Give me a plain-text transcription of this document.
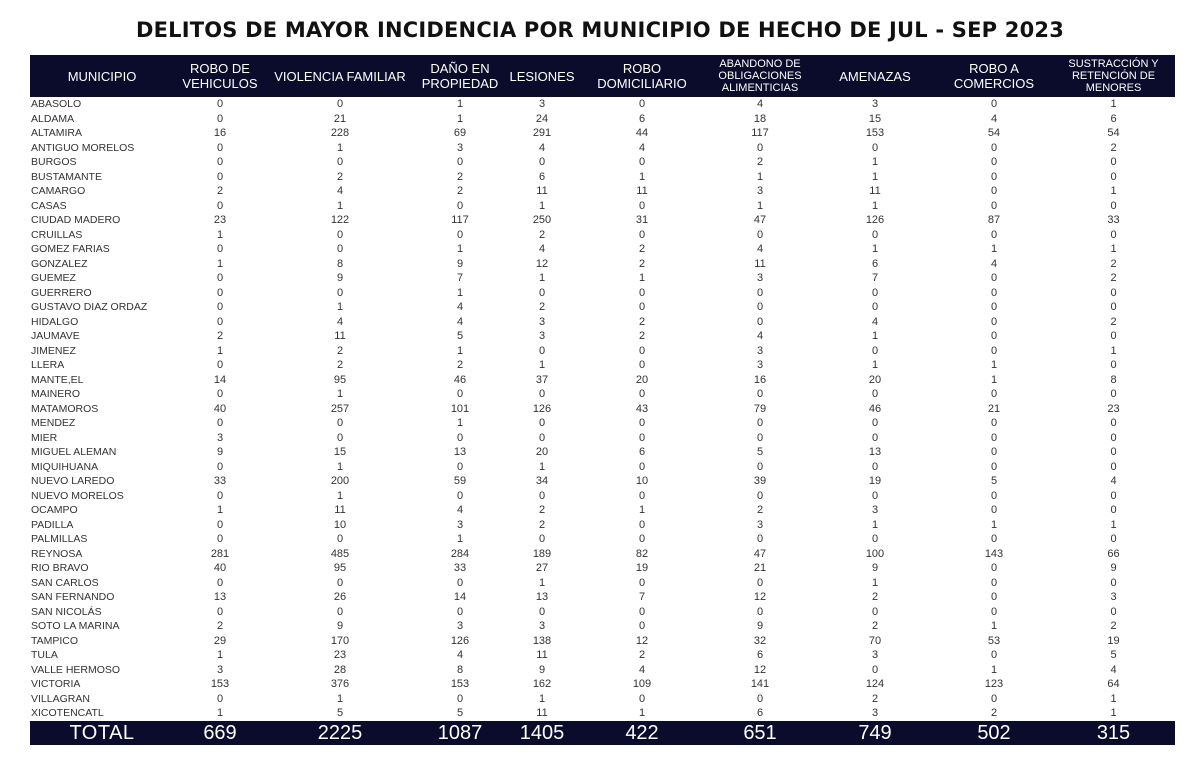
DELITOS DE MAYOR INCIDENCIA POR MUNICIPIO DE HECHO DE JUL - SEP 2023
MUNICIPIO	ROBO DE VEHICULOS	VIOLENCIA FAMILIAR	DAÑO EN PROPIEDAD	LESIONES	ROBO DOMICILIARIO	ABANDONO DE OBLIGACIONES ALIMENTICIAS	AMENAZAS	ROBO A COMERCIOS	SUSTRACCIÓN Y RETENCIÓN DE MENORES
ABASOLO	0	0	1	3	0	4	3	0	1
ALDAMA	0	21	1	24	6	18	15	4	6
ALTAMIRA	16	228	69	291	44	117	153	54	54
ANTIGUO MORELOS	0	1	3	4	4	0	0	0	2
BURGOS	0	0	0	0	0	2	1	0	0
BUSTAMANTE	0	2	2	6	1	1	1	0	0
CAMARGO	2	4	2	11	11	3	11	0	1
CASAS	0	1	0	1	0	1	1	0	0
CIUDAD MADERO	23	122	117	250	31	47	126	87	33
CRUILLAS	1	0	0	2	0	0	0	0	0
GOMEZ FARIAS	0	0	1	4	2	4	1	1	1
GONZALEZ	1	8	9	12	2	11	6	4	2
GUEMEZ	0	9	7	1	1	3	7	0	2
GUERRERO	0	0	1	0	0	0	0	0	0
GUSTAVO DIAZ ORDAZ	0	1	4	2	0	0	0	0	0
HIDALGO	0	4	4	3	2	0	4	0	2
JAUMAVE	2	11	5	3	2	4	1	0	0
JIMENEZ	1	2	1	0	0	3	0	0	1
LLERA	0	2	2	1	0	3	1	1	0
MANTE,EL	14	95	46	37	20	16	20	1	8
MAINERO	0	1	0	0	0	0	0	0	0
MATAMOROS	40	257	101	126	43	79	46	21	23
MENDEZ	0	0	1	0	0	0	0	0	0
MIER	3	0	0	0	0	0	0	0	0
MIGUEL ALEMAN	9	15	13	20	6	5	13	0	0
MIQUIHUANA	0	1	0	1	0	0	0	0	0
NUEVO LAREDO	33	200	59	34	10	39	19	5	4
NUEVO MORELOS	0	1	0	0	0	0	0	0	0
OCAMPO	1	11	4	2	1	2	3	0	0
PADILLA	0	10	3	2	0	3	1	1	1
PALMILLAS	0	0	1	0	0	0	0	0	0
REYNOSA	281	485	284	189	82	47	100	143	66
RIO BRAVO	40	95	33	27	19	21	9	0	9
SAN CARLOS	0	0	0	1	0	0	1	0	0
SAN FERNANDO	13	26	14	13	7	12	2	0	3
SAN NICOLÁS	0	0	0	0	0	0	0	0	0
SOTO LA MARINA	2	9	3	3	0	9	2	1	2
TAMPICO	29	170	126	138	12	32	70	53	19
TULA	1	23	4	11	2	6	3	0	5
VALLE HERMOSO	3	28	8	9	4	12	0	1	4
VICTORIA	153	376	153	162	109	141	124	123	64
VILLAGRAN	0	1	0	1	0	0	2	0	1
XICOTENCATL	1	5	5	11	1	6	3	2	1
TOTAL	669	2225	1087	1405	422	651	749	502	315
